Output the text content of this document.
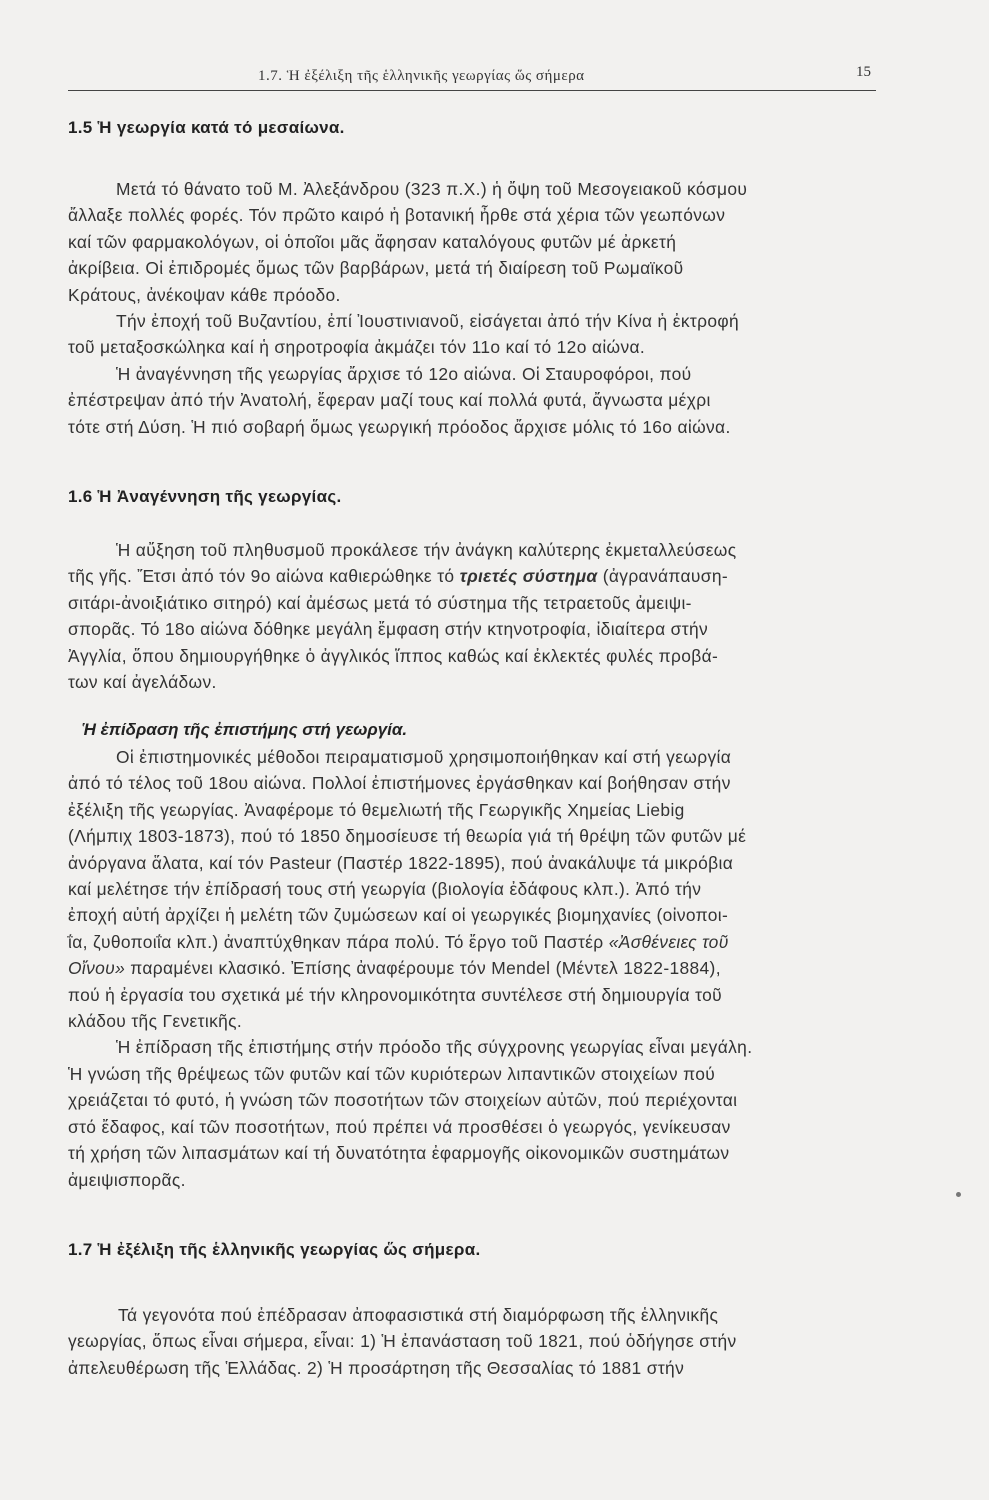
1.7. Ἡ ἐξέλιξη τῆς ἑλληνικῆς γεωργίας ὥς σήμερα	15
1.5 Ἡ γεωργία κατά τό μεσαίωνα.
Μετά τό θάνατο τοῦ Μ. Ἀλεξάνδρου (323 π.Χ.) ἡ ὄψη τοῦ Μεσογειακοῦ κόσμου
ἄλλαξε πολλές φορές. Τόν πρῶτο καιρό ἡ βοτανική ἦρθε στά χέρια τῶν γεωπόνων
καί τῶν φαρμακολόγων, οἱ ὁποῖοι μᾶς ἄφησαν καταλόγους φυτῶν μέ ἀρκετή
ἀκρίβεια. Οἱ ἐπιδρομές ὅμως τῶν βαρβάρων, μετά τή διαίρεση τοῦ Ρωμαϊκοῦ
Κράτους, ἀνέκοψαν κάθε πρόοδο.
Τήν ἐποχή τοῦ Βυζαντίου, ἐπί Ἰουστινιανοῦ, εἰσάγεται ἀπό τήν Κίνα ἡ ἐκτροφή
τοῦ μεταξοσκώληκα καί ἡ σηροτροφία ἀκμάζει τόν 11ο καί τό 12ο αἰώνα.
Ἡ ἀναγέννηση τῆς γεωργίας ἄρχισε τό 12ο αἰώνα. Οἱ Σταυροφόροι, πού
ἐπέστρεψαν ἀπό τήν Ἀνατολή, ἔφεραν μαζί τους καί πολλά φυτά, ἄγνωστα μέχρι
τότε στή Δύση. Ἡ πιό σοβαρή ὅμως γεωργική πρόοδος ἄρχισε μόλις τό 16ο αἰώνα.
1.6 Ἡ Ἀναγέννηση τῆς γεωργίας.
Ἡ αὔξηση τοῦ πληθυσμοῦ προκάλεσε τήν ἀνάγκη καλύτερης ἐκμεταλλεύσεως
τῆς γῆς. Ἔτσι ἀπό τόν 9ο αἰώνα καθιερώθηκε τό τριετές σύστημα (ἀγρανάπαυση-
σιτάρι-ἀνοιξιάτικο σιτηρό) καί ἀμέσως μετά τό σύστημα τῆς τετραετοῦς ἀμειψι-
σπορᾶς. Τό 18ο αἰώνα δόθηκε μεγάλη ἔμφαση στήν κτηνοτροφία, ἰδιαίτερα στήν
Ἀγγλία, ὅπου δημιουργήθηκε ὁ ἀγγλικός ἵππος καθώς καί ἐκλεκτές φυλές προβά-
των καί ἀγελάδων.
Ἡ ἐπίδραση τῆς ἐπιστήμης στή γεωργία.
Οἱ ἐπιστημονικές μέθοδοι πειραματισμοῦ χρησιμοποιήθηκαν καί στή γεωργία
ἀπό τό τέλος τοῦ 18ου αἰώνα. Πολλοί ἐπιστήμονες ἐργάσθηκαν καί βοήθησαν στήν
ἐξέλιξη τῆς γεωργίας. Ἀναφέρομε τό θεμελιωτή τῆς Γεωργικῆς Χημείας Liebig
(Λήμπιχ 1803-1873), πού τό 1850 δημοσίευσε τή θεωρία γιά τή θρέψη τῶν φυτῶν μέ
ἀνόργανα ἅλατα, καί τόν Pasteur (Παστέρ 1822-1895), πού ἀνακάλυψε τά μικρόβια
καί μελέτησε τήν ἐπίδρασή τους στή γεωργία (βιολογία ἐδάφους κλπ.). Ἀπό τήν
ἐποχή αὐτή ἀρχίζει ἡ μελέτη τῶν ζυμώσεων καί οἱ γεωργικές βιομηχανίες (οἰνοποι-
ΐα, ζυθοποιΐα κλπ.) ἀναπτύχθηκαν πάρα πολύ. Τό ἔργο τοῦ Παστέρ «Ἀσθένειες τοῦ
Οἴνου» παραμένει κλασικό. Ἐπίσης ἀναφέρουμε τόν Mendel (Μέντελ 1822-1884),
πού ἡ ἐργασία του σχετικά μέ τήν κληρονομικότητα συντέλεσε στή δημιουργία τοῦ
κλάδου τῆς Γενετικῆς.
Ἡ ἐπίδραση τῆς ἐπιστήμης στήν πρόοδο τῆς σύγχρονης γεωργίας εἶναι μεγάλη.
Ἡ γνώση τῆς θρέψεως τῶν φυτῶν καί τῶν κυριότερων λιπαντικῶν στοιχείων πού
χρειάζεται τό φυτό, ἡ γνώση τῶν ποσοτήτων τῶν στοιχείων αὐτῶν, πού περιέχονται
στό ἔδαφος, καί τῶν ποσοτήτων, πού πρέπει νά προσθέσει ὁ γεωργός, γενίκευσαν
τή χρήση τῶν λιπασμάτων καί τή δυνατότητα ἐφαρμογῆς οἰκονομικῶν συστημάτων
ἀμειψισπορᾶς.
1.7 Ἡ ἐξέλιξη τῆς ἑλληνικῆς γεωργίας ὥς σήμερα.
Τά γεγονότα πού ἐπέδρασαν ἀποφασιστικά στή διαμόρφωση τῆς ἑλληνικῆς
γεωργίας, ὅπως εἶναι σήμερα, εἶναι: 1) Ἡ ἐπανάσταση τοῦ 1821, πού ὁδήγησε στήν
ἀπελευθέρωση τῆς Ἑλλάδας. 2) Ἡ προσάρτηση τῆς Θεσσαλίας τό 1881 στήν
